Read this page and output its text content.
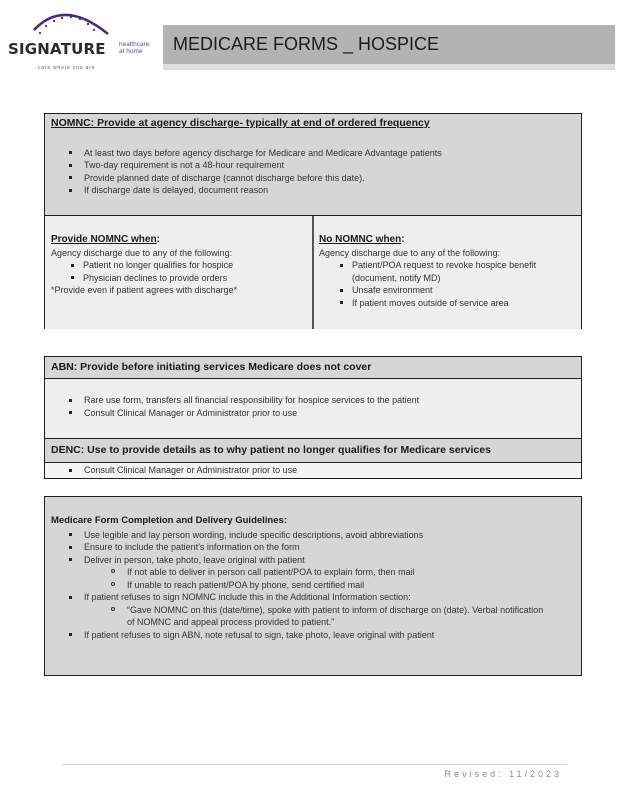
SIGNATURE healthcare
at home
care where you are
MEDICARE FORMS _ HOSPICE
NOMNC: Provide at agency discharge- typically at end of ordered frequency
At least two days before agency discharge for Medicare and Medicare Advantage patients
Two-day requirement is not a 48-hour requirement
Provide planned date of discharge (cannot discharge before this date).
If discharge date is delayed, document reason
Provide NOMNC when:
Agency discharge due to any of the following:
Patient no longer qualifies for hospice
Physician declines to provide orders
*Provide even if patient agrees with discharge*
No NOMNC when:
Agency discharge due to any of the following:
Patient/POA request to revoke hospice benefit (document, notify MD)
Unsafe environment
If patient moves outside of service area
ABN: Provide before initiating services Medicare does not cover
Rare use form, transfers all financial responsibility for hospice services to the patient
Consult Clinical Manager or Administrator prior to use
DENC: Use to provide details as to why patient no longer qualifies for Medicare services
Consult Clinical Manager or Administrator prior to use
Medicare Form Completion and Delivery Guidelines:
Use legible and lay person wording, include specific descriptions, avoid abbreviations
Ensure to include the patient’s information on the form
Deliver in person, take photo, leave original with patient
If not able to deliver in person call patient/POA to explain form, then mail
If unable to reach patient/POA by phone, send certified mail
If patient refuses to sign NOMNC include this in the Additional Information section:
“Gave NOMNC on this (date/time), spoke with patient to inform of discharge on (date). Verbal notification of NOMNC and appeal process provided to patient.”
If patient refuses to sign ABN, note refusal to sign, take photo, leave original with patient
Revised: 11/2023
